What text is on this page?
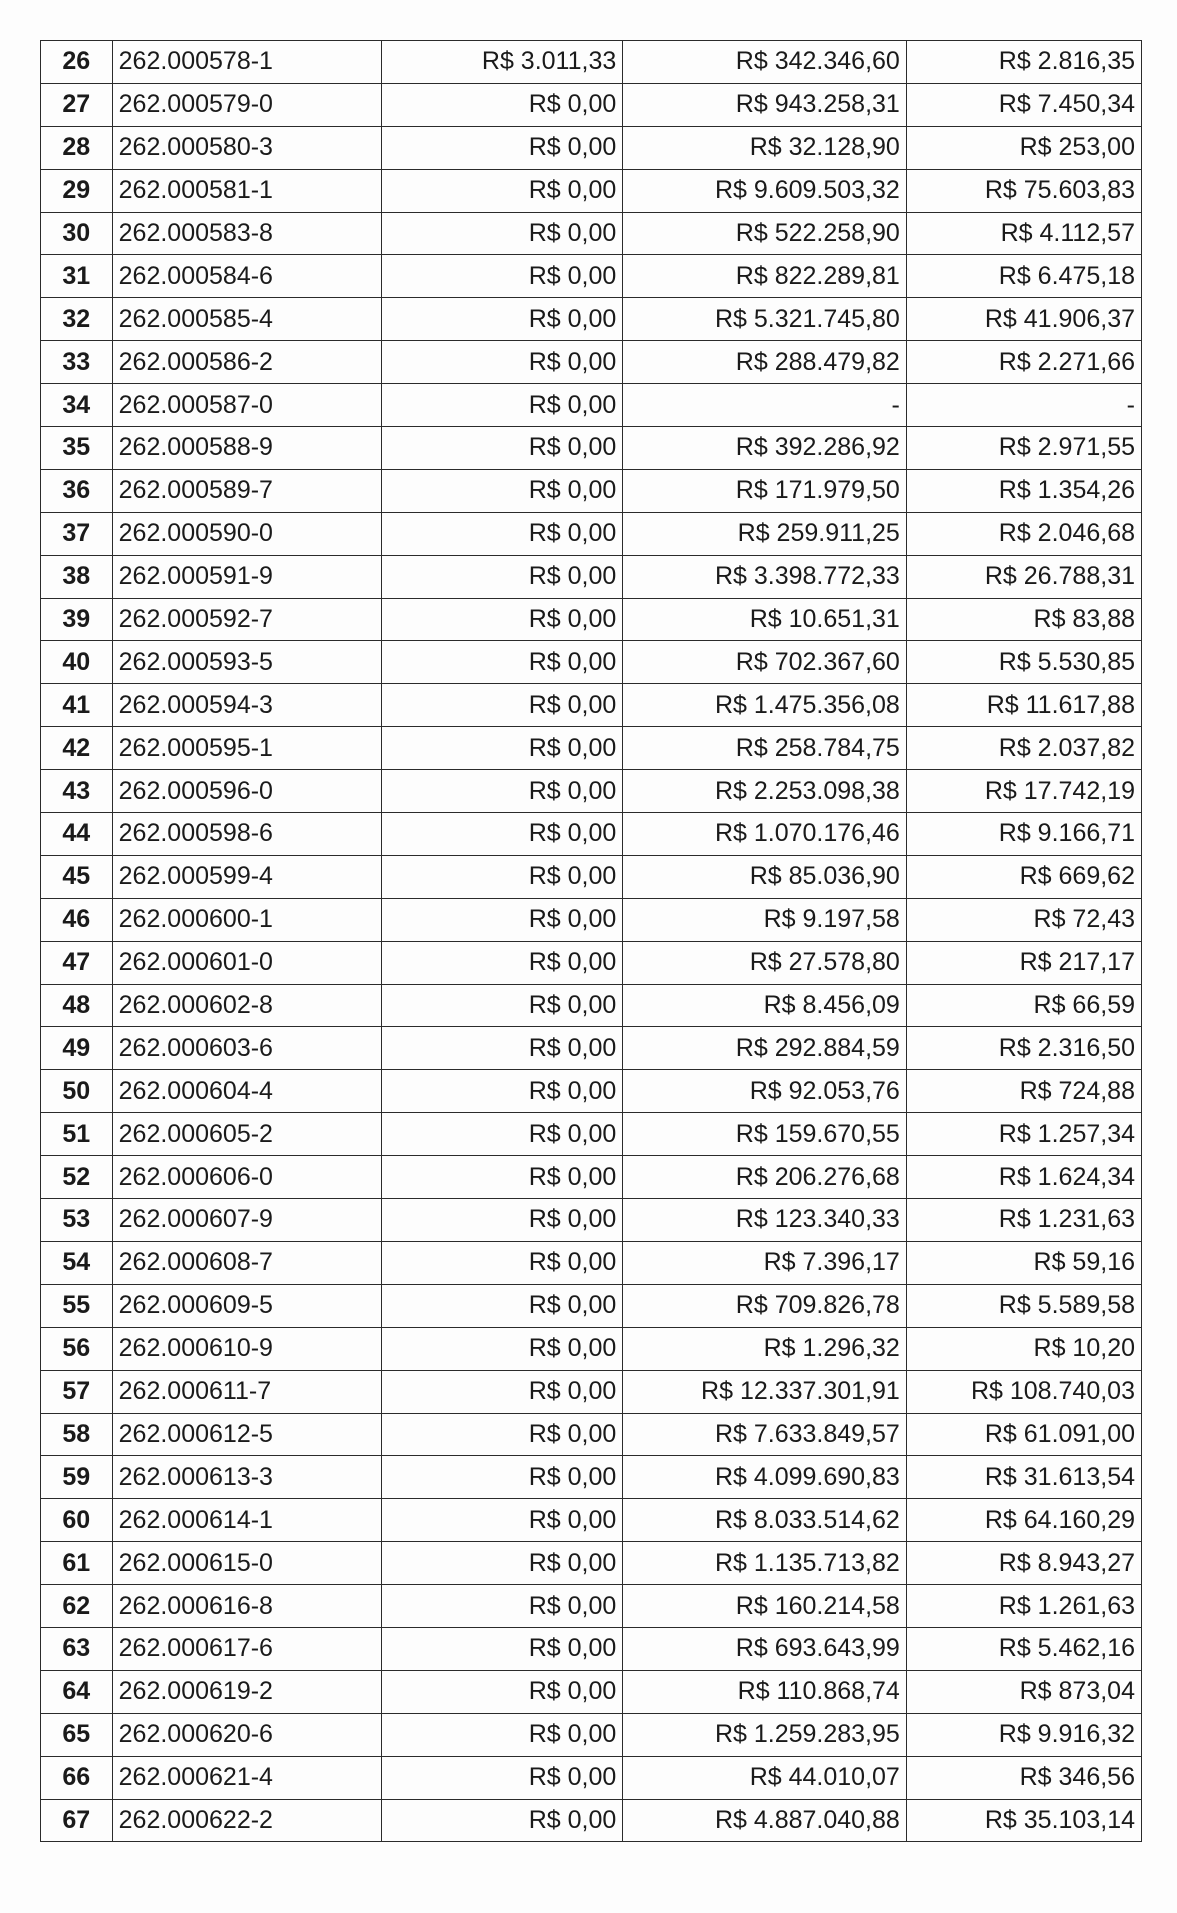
26	262.000578-1	R$ 3.011,33	R$ 342.346,60	R$ 2.816,35
27	262.000579-0	R$ 0,00	R$ 943.258,31	R$ 7.450,34
28	262.000580-3	R$ 0,00	R$ 32.128,90	R$ 253,00
29	262.000581-1	R$ 0,00	R$ 9.609.503,32	R$ 75.603,83
30	262.000583-8	R$ 0,00	R$ 522.258,90	R$ 4.112,57
31	262.000584-6	R$ 0,00	R$ 822.289,81	R$ 6.475,18
32	262.000585-4	R$ 0,00	R$ 5.321.745,80	R$ 41.906,37
33	262.000586-2	R$ 0,00	R$ 288.479,82	R$ 2.271,66
34	262.000587-0	R$ 0,00	-	-
35	262.000588-9	R$ 0,00	R$ 392.286,92	R$ 2.971,55
36	262.000589-7	R$ 0,00	R$ 171.979,50	R$ 1.354,26
37	262.000590-0	R$ 0,00	R$ 259.911,25	R$ 2.046,68
38	262.000591-9	R$ 0,00	R$ 3.398.772,33	R$ 26.788,31
39	262.000592-7	R$ 0,00	R$ 10.651,31	R$ 83,88
40	262.000593-5	R$ 0,00	R$ 702.367,60	R$ 5.530,85
41	262.000594-3	R$ 0,00	R$ 1.475.356,08	R$ 11.617,88
42	262.000595-1	R$ 0,00	R$ 258.784,75	R$ 2.037,82
43	262.000596-0	R$ 0,00	R$ 2.253.098,38	R$ 17.742,19
44	262.000598-6	R$ 0,00	R$ 1.070.176,46	R$ 9.166,71
45	262.000599-4	R$ 0,00	R$ 85.036,90	R$ 669,62
46	262.000600-1	R$ 0,00	R$ 9.197,58	R$ 72,43
47	262.000601-0	R$ 0,00	R$ 27.578,80	R$ 217,17
48	262.000602-8	R$ 0,00	R$ 8.456,09	R$ 66,59
49	262.000603-6	R$ 0,00	R$ 292.884,59	R$ 2.316,50
50	262.000604-4	R$ 0,00	R$ 92.053,76	R$ 724,88
51	262.000605-2	R$ 0,00	R$ 159.670,55	R$ 1.257,34
52	262.000606-0	R$ 0,00	R$ 206.276,68	R$ 1.624,34
53	262.000607-9	R$ 0,00	R$ 123.340,33	R$ 1.231,63
54	262.000608-7	R$ 0,00	R$ 7.396,17	R$ 59,16
55	262.000609-5	R$ 0,00	R$ 709.826,78	R$ 5.589,58
56	262.000610-9	R$ 0,00	R$ 1.296,32	R$ 10,20
57	262.000611-7	R$ 0,00	R$ 12.337.301,91	R$ 108.740,03
58	262.000612-5	R$ 0,00	R$ 7.633.849,57	R$ 61.091,00
59	262.000613-3	R$ 0,00	R$ 4.099.690,83	R$ 31.613,54
60	262.000614-1	R$ 0,00	R$ 8.033.514,62	R$ 64.160,29
61	262.000615-0	R$ 0,00	R$ 1.135.713,82	R$ 8.943,27
62	262.000616-8	R$ 0,00	R$ 160.214,58	R$ 1.261,63
63	262.000617-6	R$ 0,00	R$ 693.643,99	R$ 5.462,16
64	262.000619-2	R$ 0,00	R$ 110.868,74	R$ 873,04
65	262.000620-6	R$ 0,00	R$ 1.259.283,95	R$ 9.916,32
66	262.000621-4	R$ 0,00	R$ 44.010,07	R$ 346,56
67	262.000622-2	R$ 0,00	R$ 4.887.040,88	R$ 35.103,14
